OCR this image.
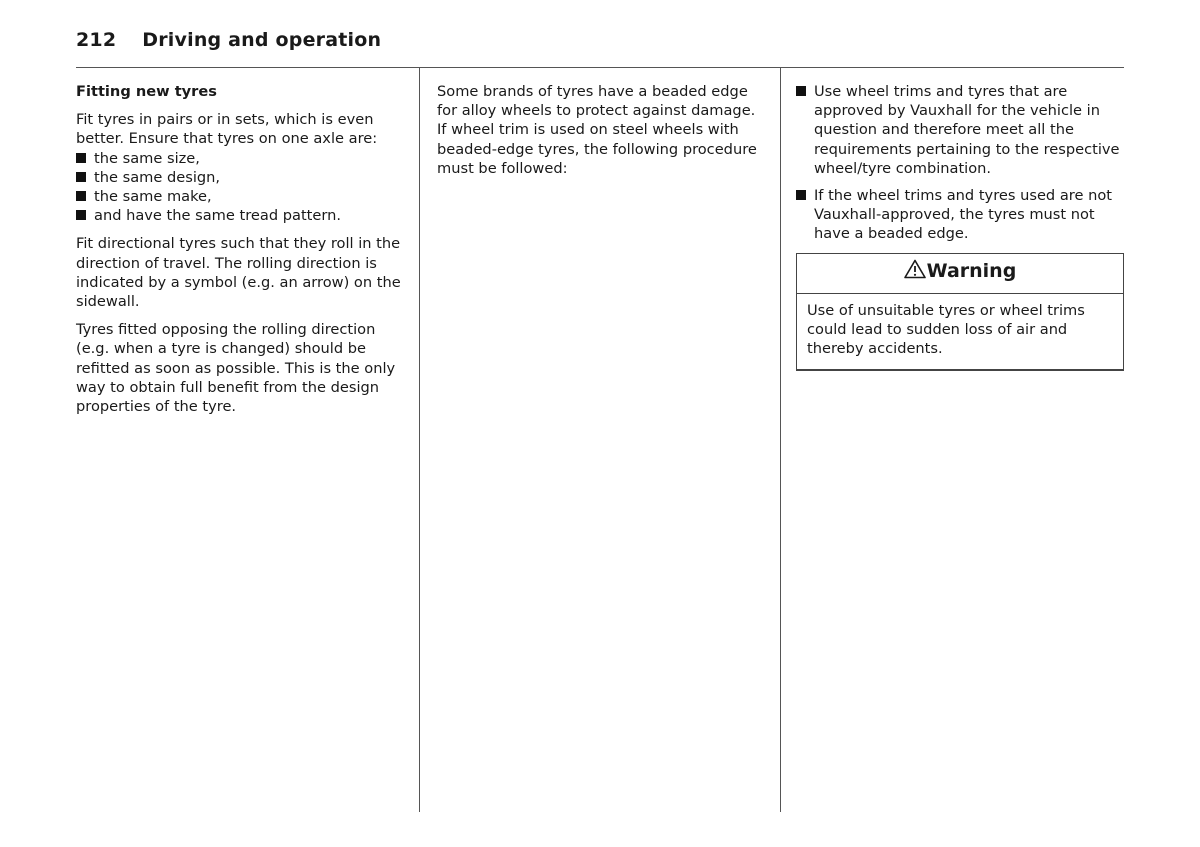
212 Driving and operation

Fitting new tyres

Fit tyres in pairs or in sets, which is even better. Ensure that tyres on one axle are:

the same size,
the same design,
the same make,
and have the same tread pattern.

Fit directional tyres such that they roll in the direction of travel. The rolling direction is indicated by a symbol (e.g. an arrow) on the sidewall.

Tyres fitted opposing the rolling direction (e.g. when a tyre is changed) should be refitted as soon as possible. This is the only way to obtain full benefit from the design properties of the tyre.

Some brands of tyres have a beaded edge for alloy wheels to protect against damage. If wheel trim is used on steel wheels with beaded-edge tyres, the following procedure must be followed:

Use wheel trims and tyres that are approved by Vauxhall for the vehicle in question and therefore meet all the requirements pertaining to the respective wheel/tyre combination.
If the wheel trims and tyres used are not Vauxhall-approved, the tyres must not have a beaded edge.
Warning
Use of unsuitable tyres or wheel trims could lead to sudden loss of air and thereby accidents.
